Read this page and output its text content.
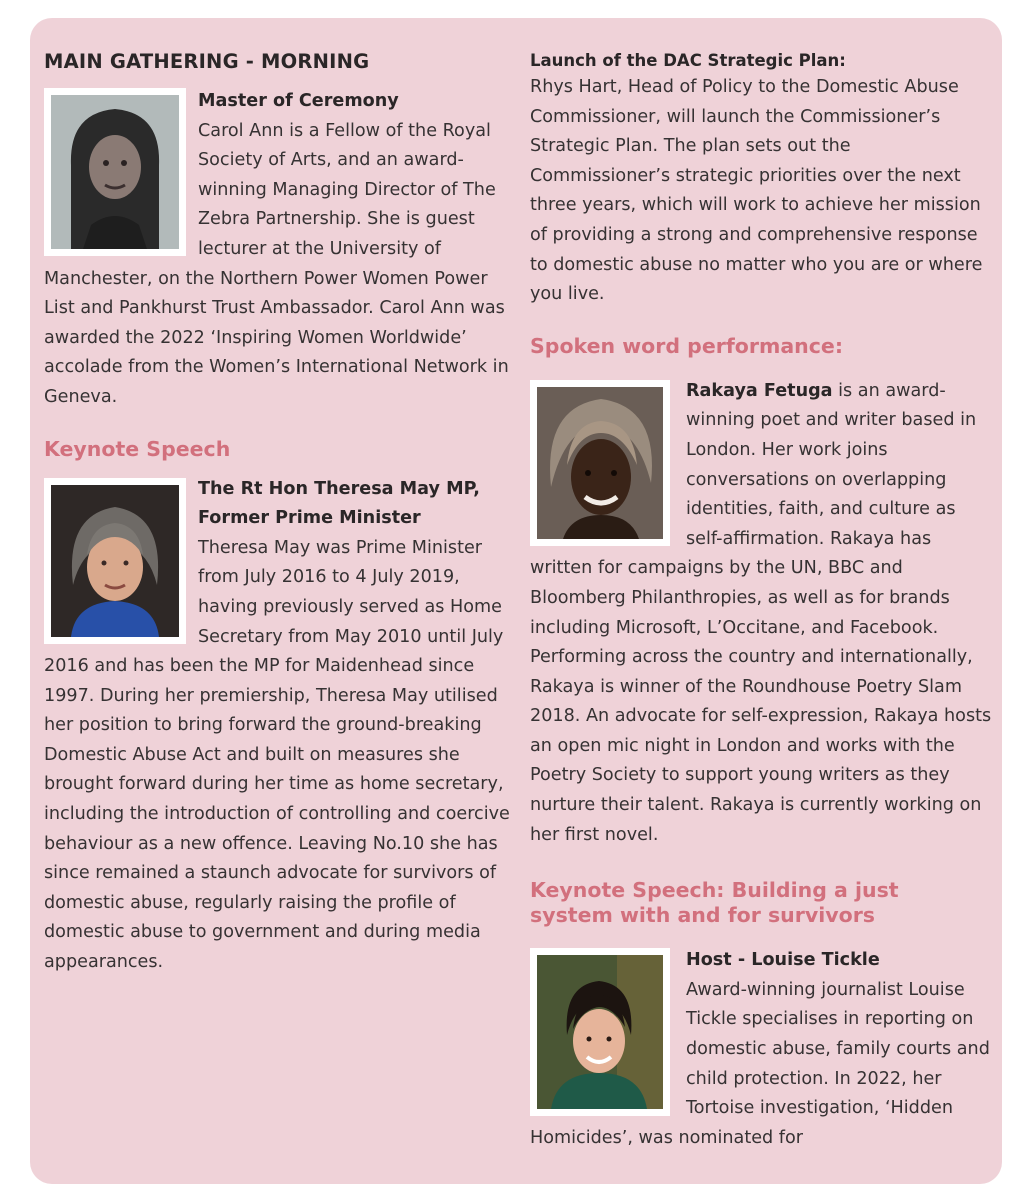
MAIN GATHERING - MORNING

Master of Ceremony
Carol Ann is a Fellow of the Royal Society of Arts, and an award-winning Managing Director of The Zebra Partnership. She is guest lecturer at the University of Manchester, on the Northern Power Women Power List and Pankhurst Trust Ambassador. Carol Ann was awarded the 2022 ‘Inspiring Women Worldwide’ accolade from the Women’s International Network in Geneva.

Keynote Speech

The Rt Hon Theresa May MP,
Former Prime Minister
Theresa May was Prime Minister from July 2016 to 4 July 2019, having previously served as Home Secretary from May 2010 until July 2016 and has been the MP for Maidenhead since 1997. During her premiership, Theresa May utilised her position to bring forward the ground-breaking Domestic Abuse Act and built on measures she brought forward during her time as home secretary, including the introduction of controlling and coercive behaviour as a new offence. Leaving No.10 she has since remained a staunch advocate for survivors of domestic abuse, regularly raising the profile of domestic abuse to government and during media appearances.

Launch of the DAC Strategic Plan:

Rhys Hart, Head of Policy to the Domestic Abuse Commissioner, will launch the Commissioner’s Strategic Plan. The plan sets out the Commissioner’s strategic priorities over the next three years, which will work to achieve her mission of providing a strong and comprehensive response to domestic abuse no matter who you are or where you live.

Spoken word performance:

Rakaya Fetuga is an award-winning poet and writer based in London. Her work joins conversations on overlapping identities, faith, and culture as self-affirmation. Rakaya has written for campaigns by the UN, BBC and Bloomberg Philanthropies, as well as for brands including Microsoft, L’Occitane, and Facebook. Performing across the country and internationally, Rakaya is winner of the Roundhouse Poetry Slam 2018. An advocate for self-expression, Rakaya hosts an open mic night in London and works with the Poetry Society to support young writers as they nurture their talent. Rakaya is currently working on her first novel.

Keynote Speech: Building a just system with and for survivors

Host - Louise Tickle
Award-winning journalist Louise Tickle specialises in reporting on domestic abuse, family courts and child protection. In 2022, her Tortoise investigation, ‘Hidden Homicides’, was nominated for
